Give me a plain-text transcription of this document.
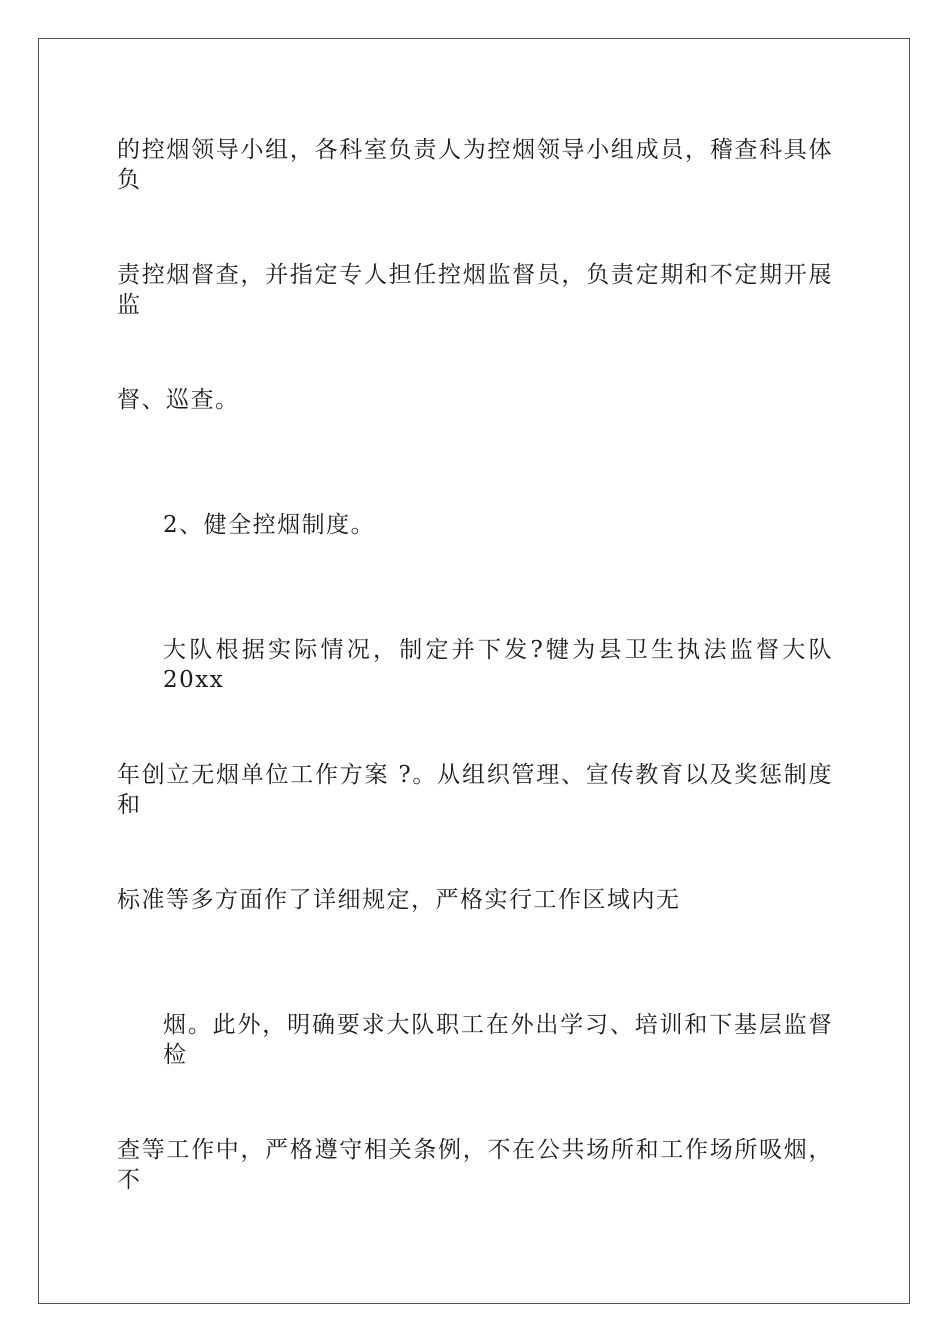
的控烟领导小组，各科室负责人为控烟领导小组成员，稽查科具体负
责控烟督查，并指定专人担任控烟监督员，负责定期和不定期开展监
督、巡查。
2、健全控烟制度。
大队根据实际情况，制定并下发?犍为县卫生执法监督大队 20xx
年创立无烟单位工作方案 ?。从组织管理、宣传教育以及奖惩制度和
标准等多方面作了详细规定，严格实行工作区域内无
烟。此外，明确要求大队职工在外出学习、培训和下基层监督检
查等工作中，严格遵守相关条例，不在公共场所和工作场所吸烟，不
